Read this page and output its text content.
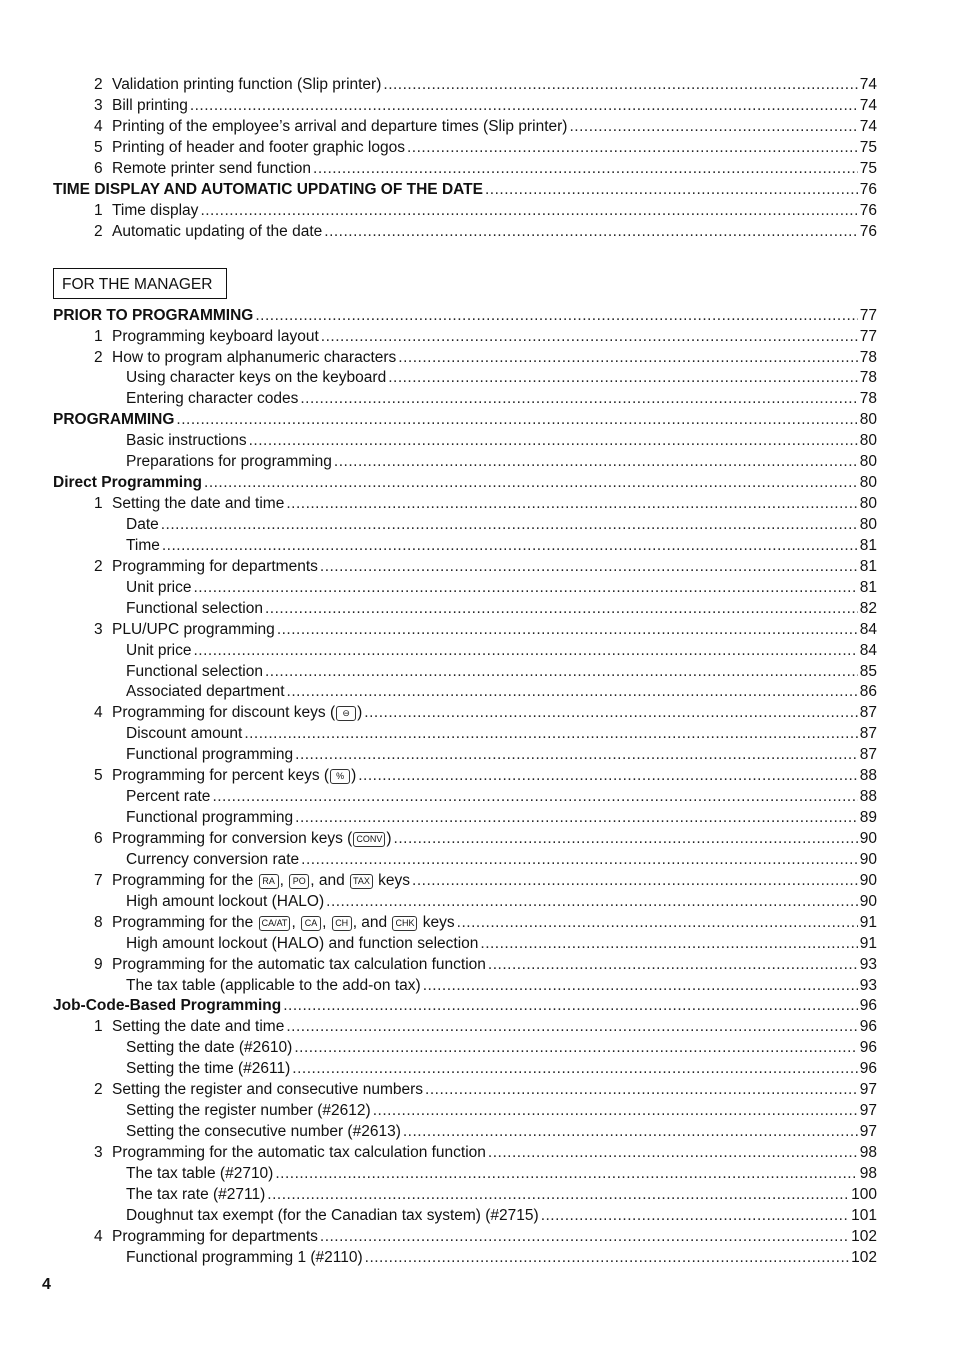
2 Validation printing function (Slip printer) .....	74
3 Bill printing .....	74
4 Printing of the employee’s arrival and departure times (Slip printer) .....	74
5 Printing of header and footer graphic logos .....	75
6 Remote printer send function .....	75
TIME DISPLAY AND AUTOMATIC UPDATING OF THE DATE .....	76
1 Time display .....	76
2 Automatic updating of the date .....	76
PRIOR TO PROGRAMMING .....	77
1 Programming keyboard layout .....	77
2 How to program alphanumeric characters .....	78
Using character keys on the keyboard .....	78
Entering character codes .....	78
PROGRAMMING .....	80
Basic instructions .....	80
Preparations for programming .....	80
Direct Programming .....	80
1 Setting the date and time .....	80
Date .....	80
Time .....	81
2 Programming for departments .....	81
Unit price .....	81
Functional selection .....	82
3 PLU/UPC programming .....	84
Unit price .....	84
Functional selection .....	85
Associated department .....	86
4 Programming for discount keys ( ⊖ ) .....	87
Discount amount .....	87
Functional programming .....	87
5 Programming for percent keys ( % ) .....	88
Percent rate .....	88
Functional programming .....	89
6 Programming for conversion keys ( CONV ) .....	90
Currency conversion rate .....	90
7 Programming for the RA , PO , and TAX keys .....	90
High amount lockout (HALO) .....	90
8 Programming for the CA/AT , CA , CH , and CHK keys .....	91
High amount lockout (HALO) and function selection .....	91
9 Programming for the automatic tax calculation function .....	93
The tax table (applicable to the add-on tax) .....	93
Job-Code-Based Programming .....	96
1 Setting the date and time .....	96
Setting the date (#2610) .....	96
Setting the time (#2611) .....	96
2 Setting the register and consecutive numbers .....	97
Setting the register number (#2612) .....	97
Setting the consecutive number (#2613) .....	97
3 Programming for the automatic tax calculation function .....	98
The tax table (#2710) .....	98
The tax rate (#2711) .....	100
Doughnut tax exempt (for the Canadian tax system) (#2715) .....	101
4 Programming for departments .....	102
Functional programming 1 (#2110) .....	102
FOR THE MANAGER
4
